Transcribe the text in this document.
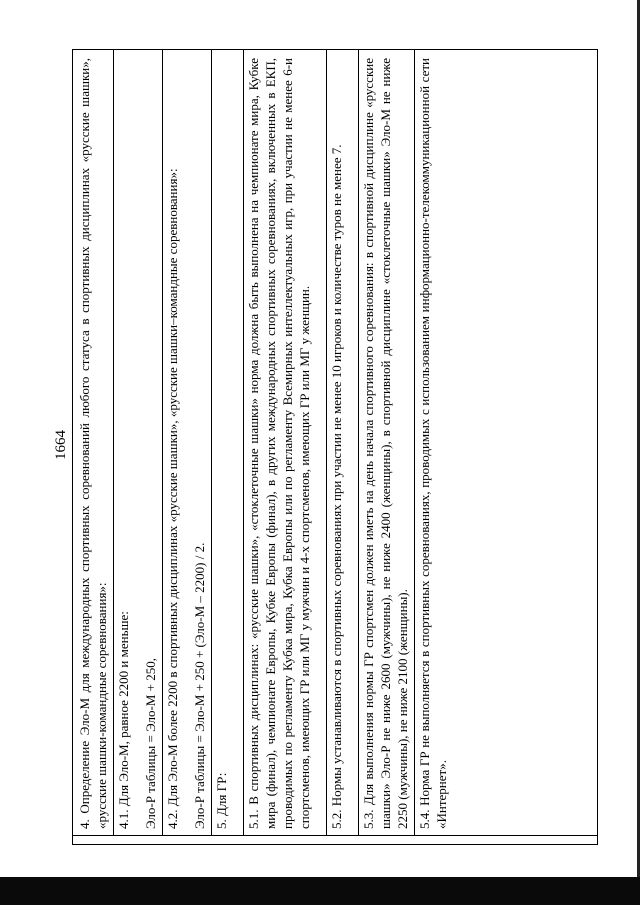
1664 4. Определение Эло-М для международных спортивных соревнований любого статуса в спортивных дисциплинах «русские шашки», «русские шашки-командные соревнования»: 4.1. Для Эло-М, равное 2200 и меньше: Эло-Р таблицы = Эло-М + 250, 4.2. Для Эло-М более 2200 в спортивных дисциплинах «русские шашки», «русские шашки–командные соревнования»: Эло-Р таблицы = Эло-М + 250 + (Эло-М – 2200) / 2. 5. Для ГР: 5.1. В спортивных дисциплинах: «русские шашки», «стоклеточные шашки» норма должна быть выполнена на чемпионате мира, Кубке мира (финал), чемпионате Европы, Кубке Европы (финал), в других международных спортивных соревнованиях, включенных в ЕКП, проводимых по регламенту Кубка мира, Кубка Европы или по регламенту Всемирных интеллектуальных игр, при участии не менее 6-и спортсменов, имеющих ГР или МГ у мужчин и 4-х спортсменов, имеющих ГР или МГ у женщин. 5.2. Нормы устанавливаются в спортивных соревнованиях при участии не менее 10 игроков и количестве туров не менее 7. 5.3. Для выполнения нормы ГР спортсмен должен иметь на день начала спортивного соревнования: в спортивной дисциплине «русские шашки» Эло-Р не ниже 2600 (мужчины), не ниже 2400 (женщины), в спортивной дисциплине «стоклеточные шашки» Эло-М не ниже 2250 (мужчины), не ниже 2100 (женщины). 5.4. Норма ГР не выполняется в спортивных соревнованиях, проводимых с использованием информационно-телекоммуникационной сети «Интернет».
